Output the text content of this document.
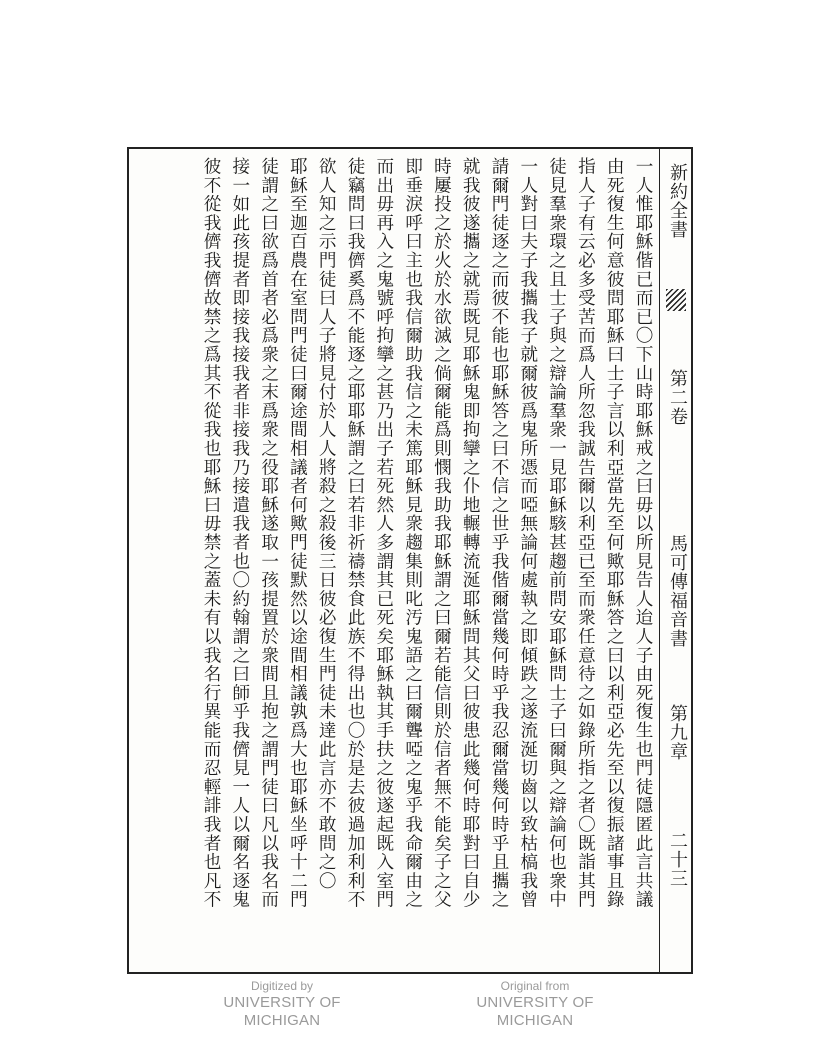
新約全書
第二卷
馬可傳福音書
第九章
二十三
一人惟耶穌偕已而已〇下山時耶穌戒之曰毋以所見告人迨人子由死復生也門徒隱匿此言共議
由死復生何意彼問耶穌曰士子言以利亞當先至何歟耶穌答之曰以利亞必先至以復振諸事且錄
指人子有云必多受苦而爲人所忽我誠告爾以利亞已至而衆任意待之如錄所指之者〇既詣其門
徒見羣衆環之且士子與之辯論羣衆一見耶穌駭甚趨前問安耶穌問士子曰爾與之辯論何也衆中
一人對曰夫子我攜我子就爾彼爲鬼所憑而啞無論何處執之即傾跌之遂流涎切齒以致枯槁我曾
請爾門徒逐之而彼不能也耶穌答之曰不信之世乎我偕爾當幾何時乎我忍爾當幾何時乎且攜之
就我彼遂攜之就焉既見耶穌鬼即拘攣之仆地輾轉流涎耶穌問其父曰彼患此幾何時耶對曰自少
時屢投之於火於水欲滅之倘爾能爲則憫我助我耶穌謂之曰爾若能信則於信者無不能矣子之父
即垂淚呼曰主也我信爾助我信之未篤耶穌見衆趨集則叱汚鬼語之曰爾聾啞之鬼乎我命爾由之
而出毋再入之鬼號呼拘攣之甚乃出子若死然人多謂其已死矣耶穌執其手扶之彼遂起既入室門
徒竊問曰我儕奚爲不能逐之耶耶穌謂之曰若非祈禱禁食此族不得出也〇於是去彼過加利利不
欲人知之示門徒曰人子將見付於人人將殺之殺後三日彼必復生門徒未達此言亦不敢問之〇
耶穌至迦百農在室問門徒曰爾途間相議者何歟門徒默然以途間相議孰爲大也耶穌坐呼十二門
徒謂之曰欲爲首者必爲衆之末爲衆之役耶穌遂取一孩提置於衆間且抱之謂門徒曰凡以我名而
接一如此孩提者即接我接我者非接我乃接遣我者也〇約翰謂之曰師乎我儕見一人以爾名逐鬼
彼不從我儕我儕故禁之爲其不從我也耶穌曰毋禁之蓋未有以我名行異能而忍輕誹我者也凡不
Digitized by
UNIVERSITY OF MICHIGAN
Original from
UNIVERSITY OF MICHIGAN
